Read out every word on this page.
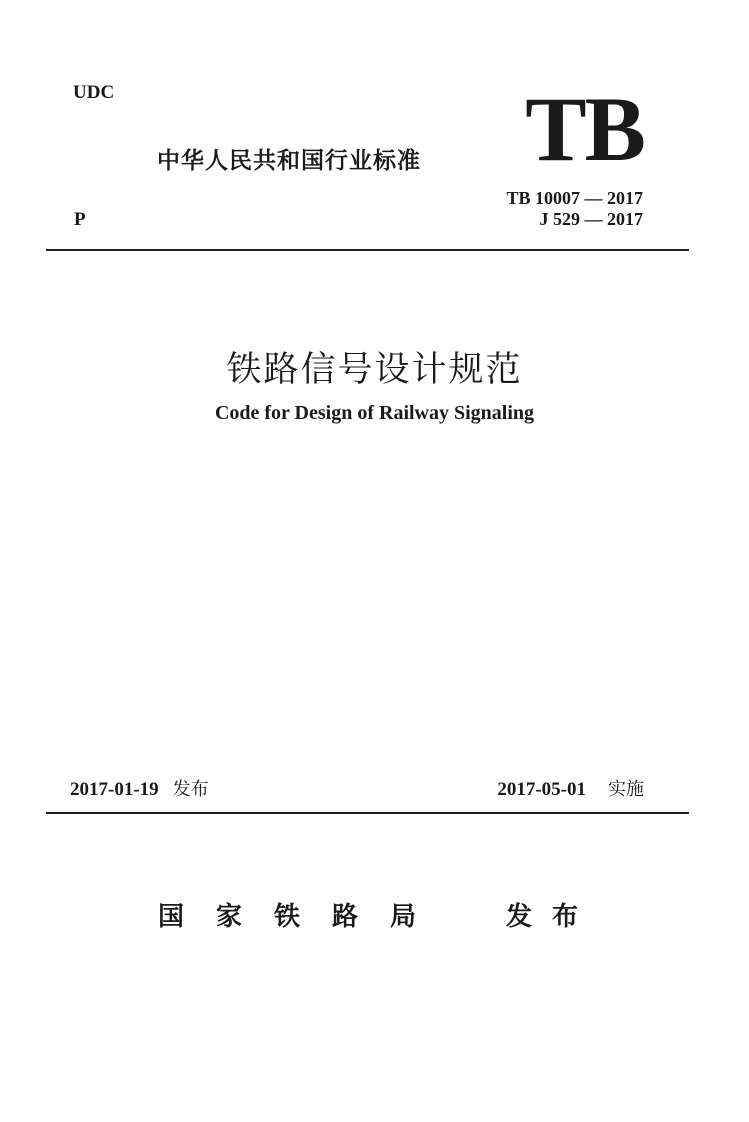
UDC
中华人民共和国行业标准 TB
TB 10007 — 2017
J 529 — 2017
P
铁路信号设计规范
Code for Design of Railway Signaling
2017-01-19 发布	2017-05-01 实施
国家铁路局 发布
